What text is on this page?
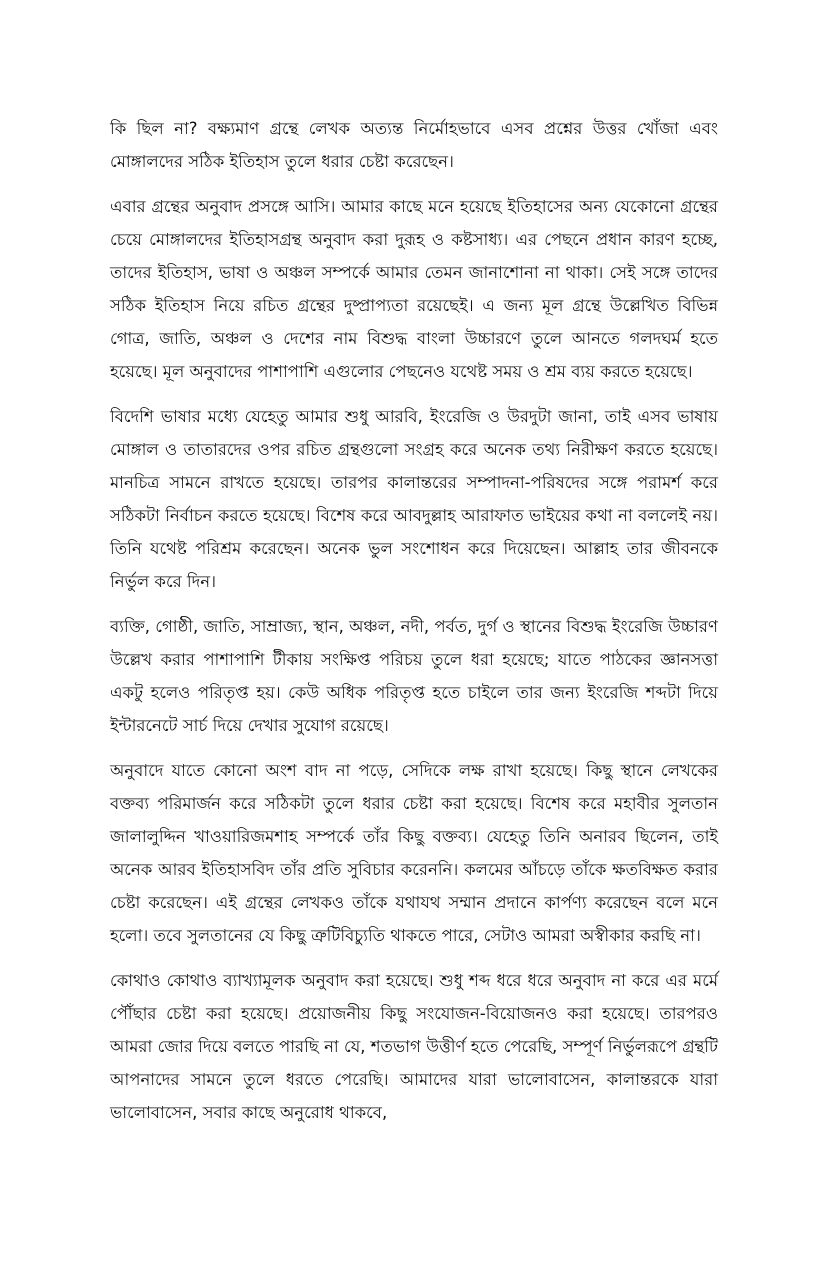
কি ছিল না? বক্ষ্যমাণ গ্রন্থে লেখক অত্যন্ত নির্মোহভাবে এসব প্রশ্নের উত্তর খোঁজা এবং মোঙ্গালদের সঠিক ইতিহাস তুলে ধরার চেষ্টা করেছেন।

এবার গ্রন্থের অনুবাদ প্রসঙ্গে আসি। আমার কাছে মনে হয়েছে ইতিহাসের অন্য যেকোনো গ্রন্থের চেয়ে মোঙ্গালদের ইতিহাসগ্রন্থ অনুবাদ করা দুরূহ ও কষ্টসাধ্য। এর পেছনে প্রধান কারণ হচ্ছে, তাদের ইতিহাস, ভাষা ও অঞ্চল সম্পর্কে আমার তেমন জানাশোনা না থাকা। সেই সঙ্গে তাদের সঠিক ইতিহাস নিয়ে রচিত গ্রন্থের দুষ্প্রাপ্যতা রয়েছেই। এ জন্য মূল গ্রন্থে উল্লেখিত বিভিন্ন গোত্র, জাতি, অঞ্চল ও দেশের নাম বিশুদ্ধ বাংলা উচ্চারণে তুলে আনতে গলদঘর্ম হতে হয়েছে। মূল অনুবাদের পাশাপাশি এগুলোর পেছনেও যথেষ্ট সময় ও শ্রম ব্যয় করতে হয়েছে।

বিদেশি ভাষার মধ্যে যেহেতু আমার শুধু আরবি, ইংরেজি ও উরদুটা জানা, তাই এসব ভাষায় মোঙ্গাল ও তাতারদের ওপর রচিত গ্রন্থগুলো সংগ্রহ করে অনেক তথ্য নিরীক্ষণ করতে হয়েছে। মানচিত্র সামনে রাখতে হয়েছে। তারপর কালান্তরের সম্পাদনা-পরিষদের সঙ্গে পরামর্শ করে সঠিকটা নির্বাচন করতে হয়েছে। বিশেষ করে আবদুল্লাহ আরাফাত ভাইয়ের কথা না বললেই নয়। তিনি যথেষ্ট পরিশ্রম করেছেন। অনেক ভুল সংশোধন করে দিয়েছেন। আল্লাহ তার জীবনকে নির্ভুল করে দিন।

ব্যক্তি, গোষ্ঠী, জাতি, সাম্রাজ্য, স্থান, অঞ্চল, নদী, পর্বত, দুর্গ ও স্থানের বিশুদ্ধ ইংরেজি উচ্চারণ উল্লেখ করার পাশাপাশি টীকায় সংক্ষিপ্ত পরিচয় তুলে ধরা হয়েছে; যাতে পাঠকের জ্ঞানসত্তা একটু হলেও পরিতৃপ্ত হয়। কেউ অধিক পরিতৃপ্ত হতে চাইলে তার জন্য ইংরেজি শব্দটা দিয়ে ইন্টারনেটে সার্চ দিয়ে দেখার সুযোগ রয়েছে।

অনুবাদে যাতে কোনো অংশ বাদ না পড়ে, সেদিকে লক্ষ রাখা হয়েছে। কিছু স্থানে লেখকের বক্তব্য পরিমার্জন করে সঠিকটা তুলে ধরার চেষ্টা করা হয়েছে। বিশেষ করে মহাবীর সুলতান জালালুদ্দিন খাওয়ারিজমশাহ সম্পর্কে তাঁর কিছু বক্তব্য। যেহেতু তিনি অনারব ছিলেন, তাই অনেক আরব ইতিহাসবিদ তাঁর প্রতি সুবিচার করেননি। কলমের আঁচড়ে তাঁকে ক্ষতবিক্ষত করার চেষ্টা করেছেন। এই গ্রন্থের লেখকও তাঁকে যথাযথ সম্মান প্রদানে কার্পণ্য করেছেন বলে মনে হলো। তবে সুলতানের যে কিছু ত্রুটিবিচ্যুতি থাকতে পারে, সেটাও আমরা অস্বীকার করছি না।

কোথাও কোথাও ব্যাখ্যামূলক অনুবাদ করা হয়েছে। শুধু শব্দ ধরে ধরে অনুবাদ না করে এর মর্মে পৌঁছার চেষ্টা করা হয়েছে। প্রয়োজনীয় কিছু সংযোজন-বিয়োজনও করা হয়েছে। তারপরও আমরা জোর দিয়ে বলতে পারছি না যে, শতভাগ উত্তীর্ণ হতে পেরেছি, সম্পূর্ণ নির্ভুলরূপে গ্রন্থটি আপনাদের সামনে তুলে ধরতে পেরেছি। আমাদের যারা ভালোবাসেন, কালান্তরকে যারা ভালোবাসেন, সবার কাছে অনুরোধ থাকবে,
